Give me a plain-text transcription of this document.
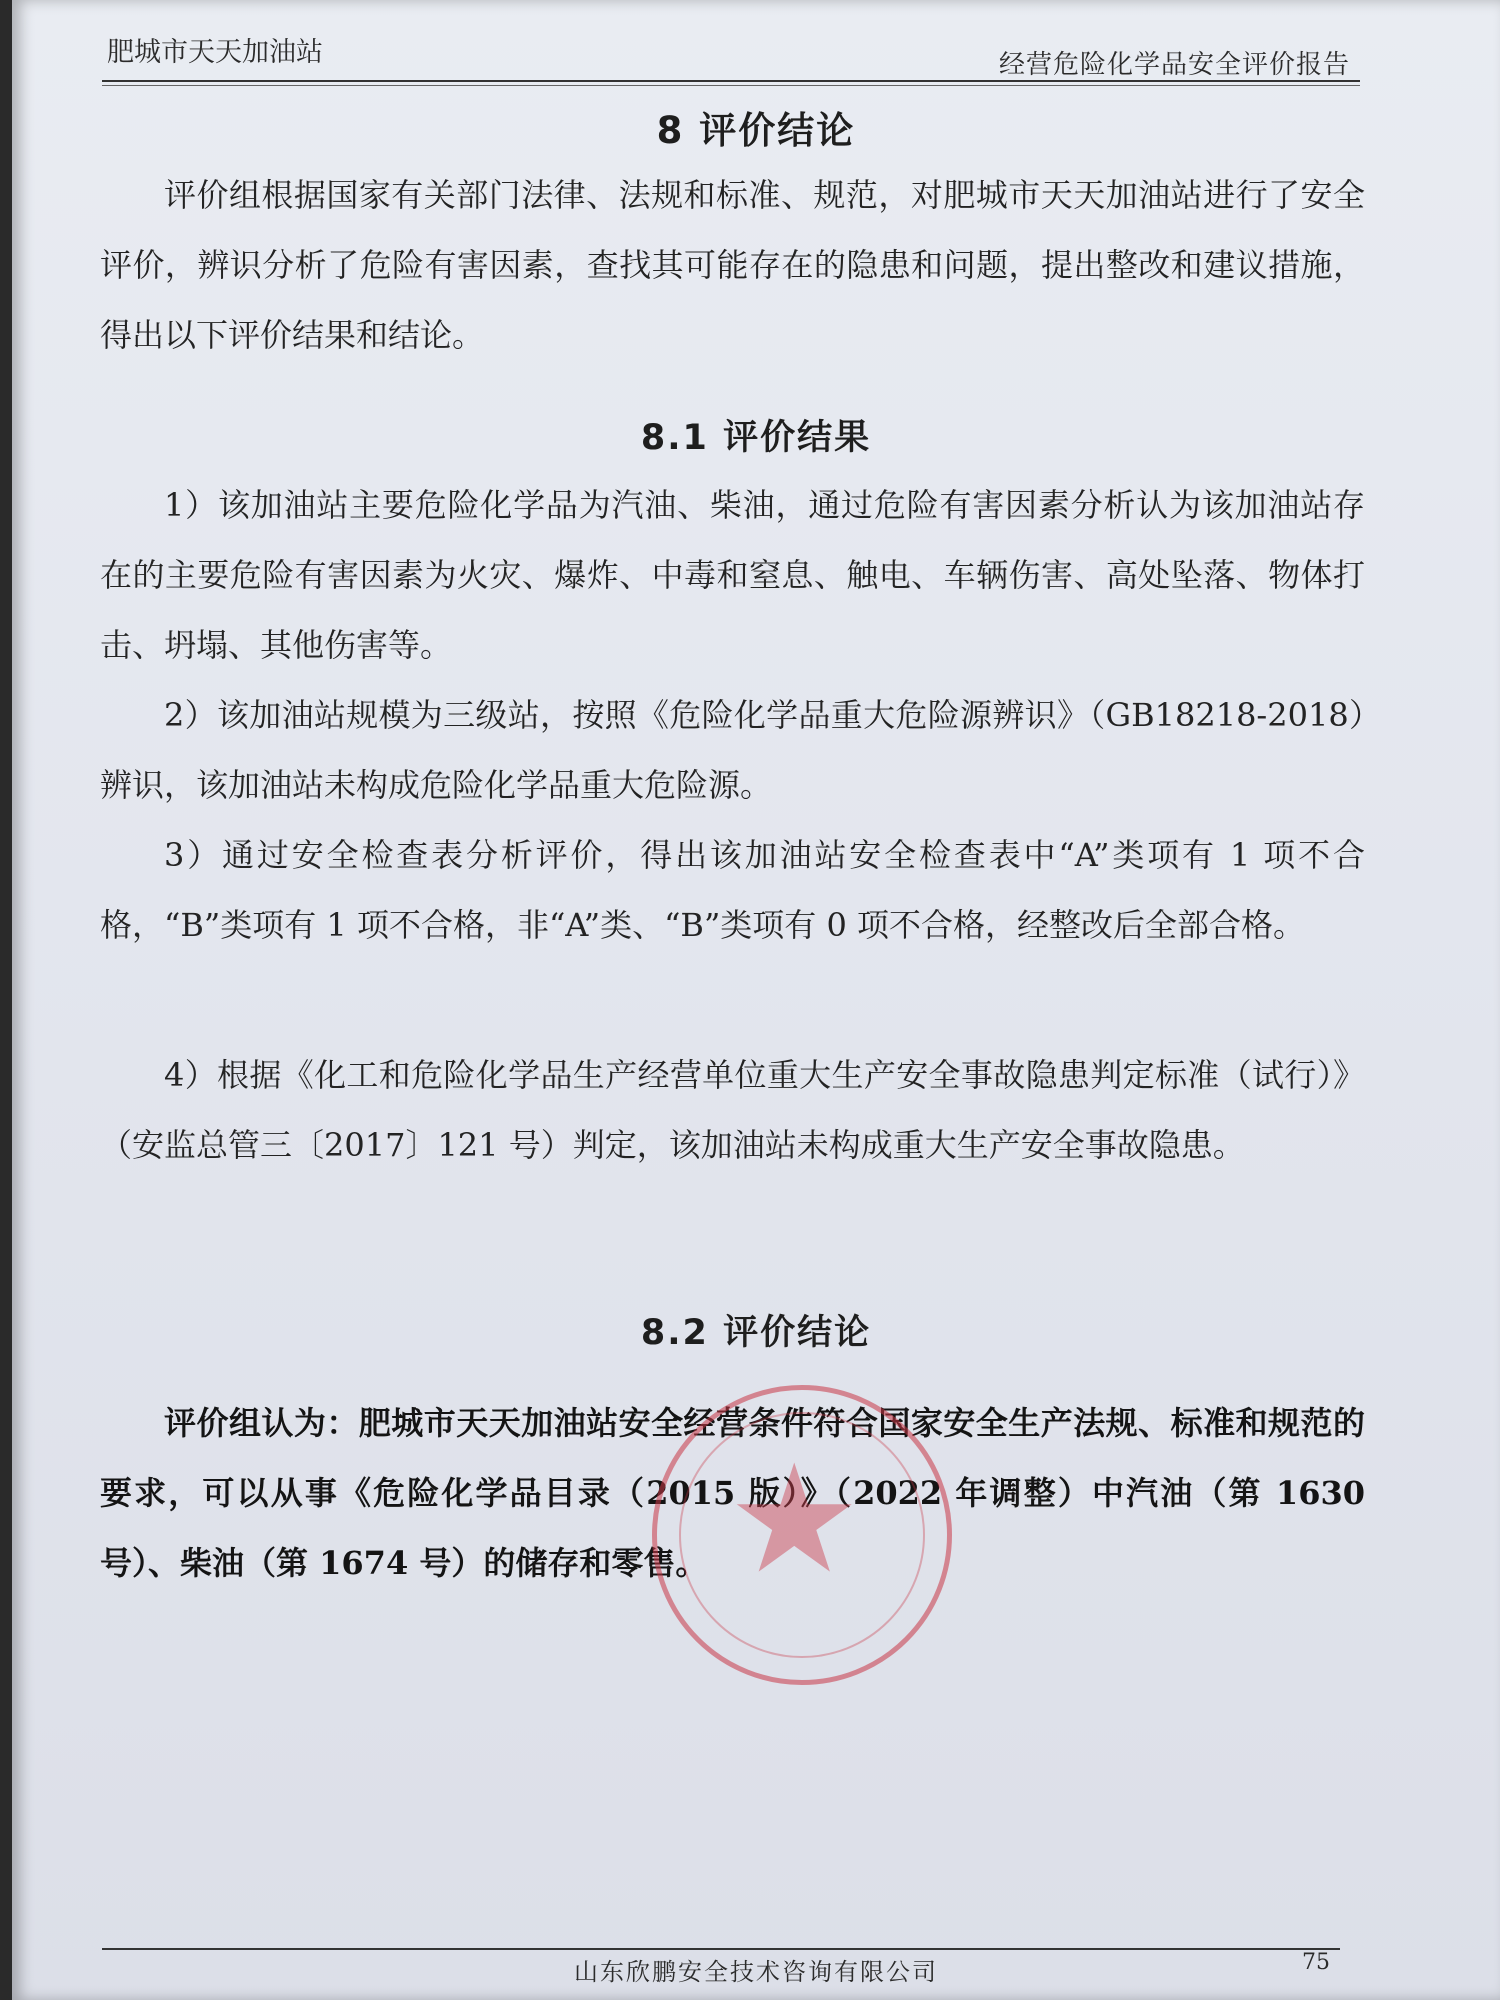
肥城市天天加油站	经营危险化学品安全评价报告
8 评价结论

评价组根据国家有关部门法律、法规和标准、规范，对肥城市天天加油站进行了安全评价，辨识分析了危险有害因素，查找其可能存在的隐患和问题，提出整改和建议措施，得出以下评价结果和结论。

8.1 评价结果

1）该加油站主要危险化学品为汽油、柴油，通过危险有害因素分析认为该加油站存在的主要危险有害因素为火灾、爆炸、中毒和窒息、触电、车辆伤害、高处坠落、物体打击、坍塌、其他伤害等。

2）该加油站规模为三级站，按照《危险化学品重大危险源辨识》（GB18218-2018）辨识，该加油站未构成危险化学品重大危险源。

3）通过安全检查表分析评价，得出该加油站安全检查表中“A”类项有 1 项不合格，“B”类项有 1 项不合格，非“A”类、“B”类项有 0 项不合格，经整改后全部合格。

4）根据《化工和危险化学品生产经营单位重大生产安全事故隐患判定标准（试行）》（安监总管三〔2017〕121 号）判定，该加油站未构成重大生产安全事故隐患。

8.2 评价结论

评价组认为：肥城市天天加油站安全经营条件符合国家安全生产法规、标准和规范的要求，可以从事《危险化学品目录（2015 版）》（2022 年调整）中汽油（第 1630 号）、柴油（第 1674 号）的储存和零售。 ★
山东欣鹏安全技术咨询有限公司	75
